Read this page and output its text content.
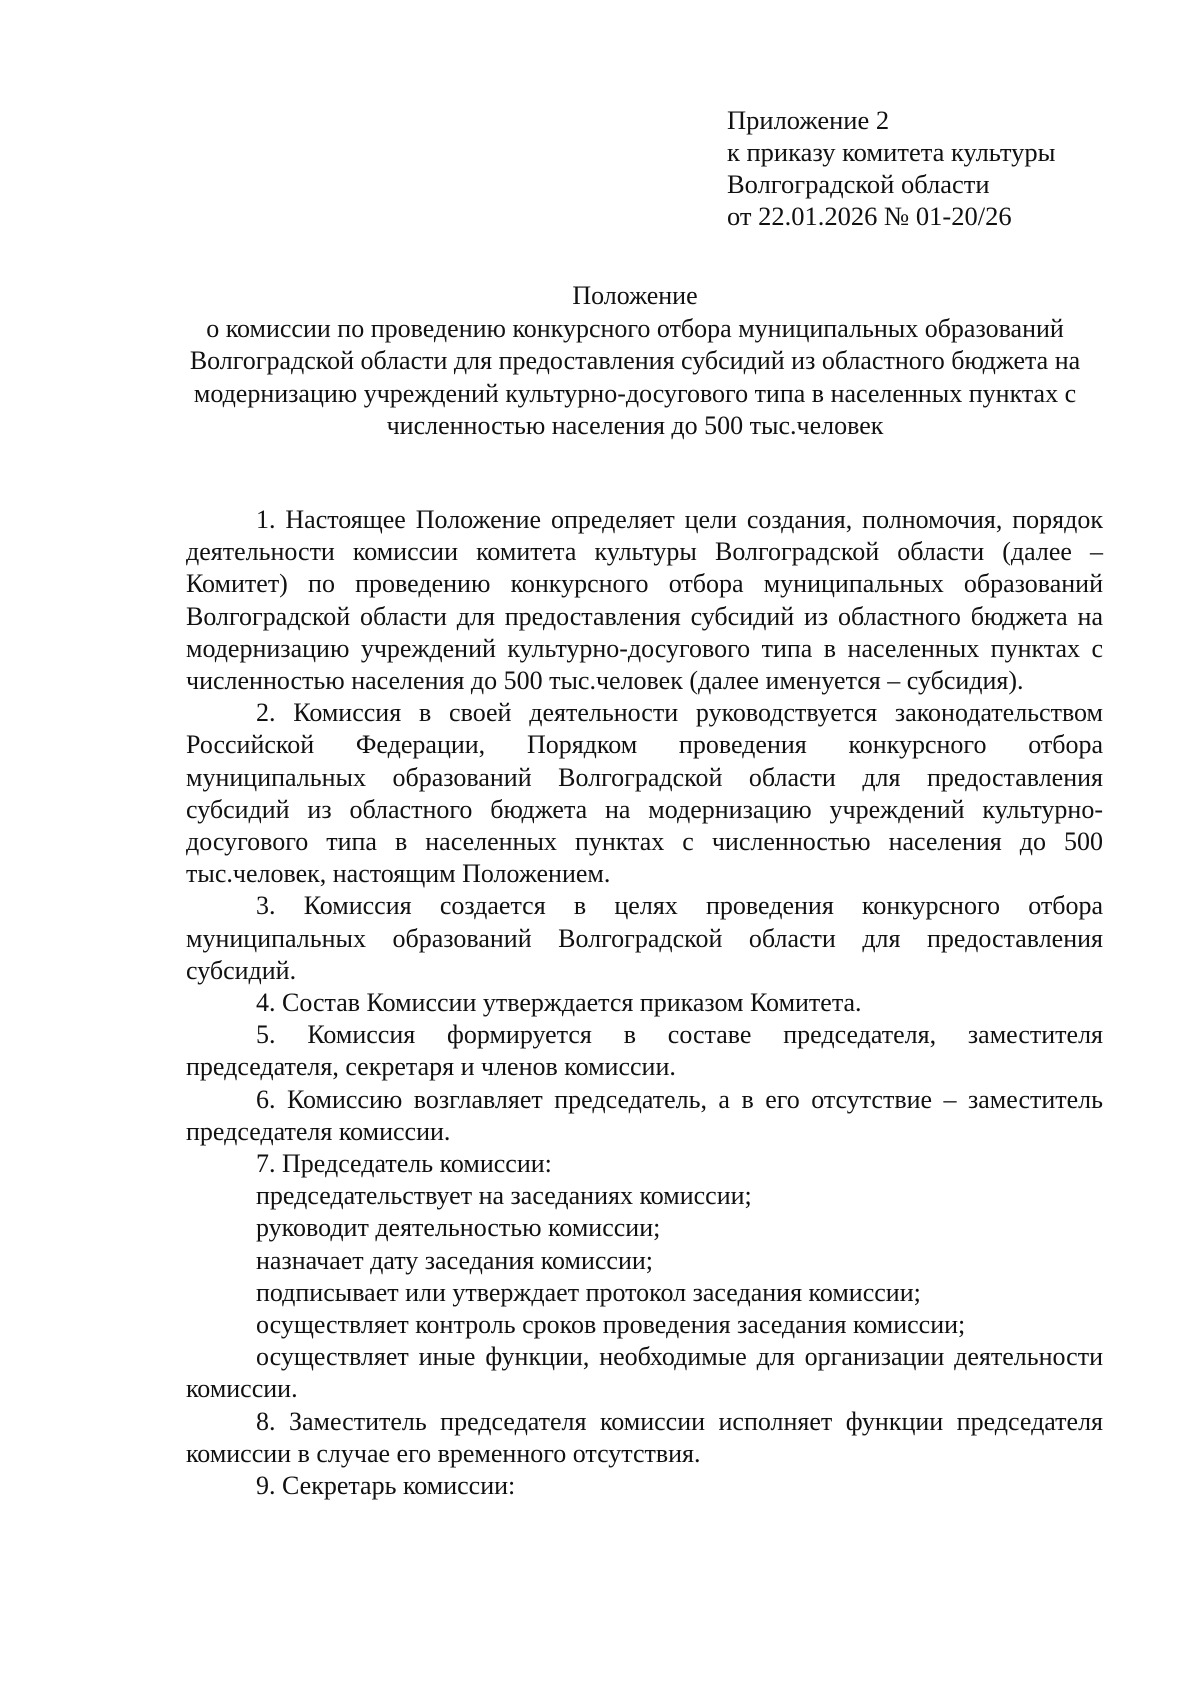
Приложение 2
к приказу комитета культуры
Волгоградской области
от 22.01.2026 № 01-20/26
Положение
о комиссии по проведению конкурсного отбора муниципальных образований Волгоградской области для предоставления субсидий из областного бюджета на модернизацию учреждений культурно-досугового типа в населенных пунктах с численностью населения до 500 тыс.человек

1. Настоящее Положение определяет цели создания, полномочия, порядок деятельности комиссии комитета культуры Волгоградской области (далее – Комитет) по проведению конкурсного отбора муниципальных образований Волгоградской области для предоставления субсидий из областного бюджета на модернизацию учреждений культурно-досугового типа в населенных пунктах с численностью населения до 500 тыс.человек (далее именуется – субсидия).

2. Комиссия в своей деятельности руководствуется законодательством Российской Федерации, Порядком проведения конкурсного отбора муниципальных образований Волгоградской области для предоставления субсидий из областного бюджета на модернизацию учреждений культурно-досугового типа в населенных пунктах с численностью населения до 500 тыс.человек, настоящим Положением.

3. Комиссия создается в целях проведения конкурсного отбора муниципальных образований Волгоградской области для предоставления субсидий.

4. Состав Комиссии утверждается приказом Комитета.

5. Комиссия формируется в составе председателя, заместителя председателя, секретаря и членов комиссии.

6. Комиссию возглавляет председатель, а в его отсутствие – заместитель председателя комиссии.

7. Председатель комиссии:

председательствует на заседаниях комиссии;

руководит деятельностью комиссии;

назначает дату заседания комиссии;

подписывает или утверждает протокол заседания комиссии;

осуществляет контроль сроков проведения заседания комиссии;

осуществляет иные функции, необходимые для организации деятельности комиссии.

8. Заместитель председателя комиссии исполняет функции председателя комиссии в случае его временного отсутствия.

9. Секретарь комиссии:
